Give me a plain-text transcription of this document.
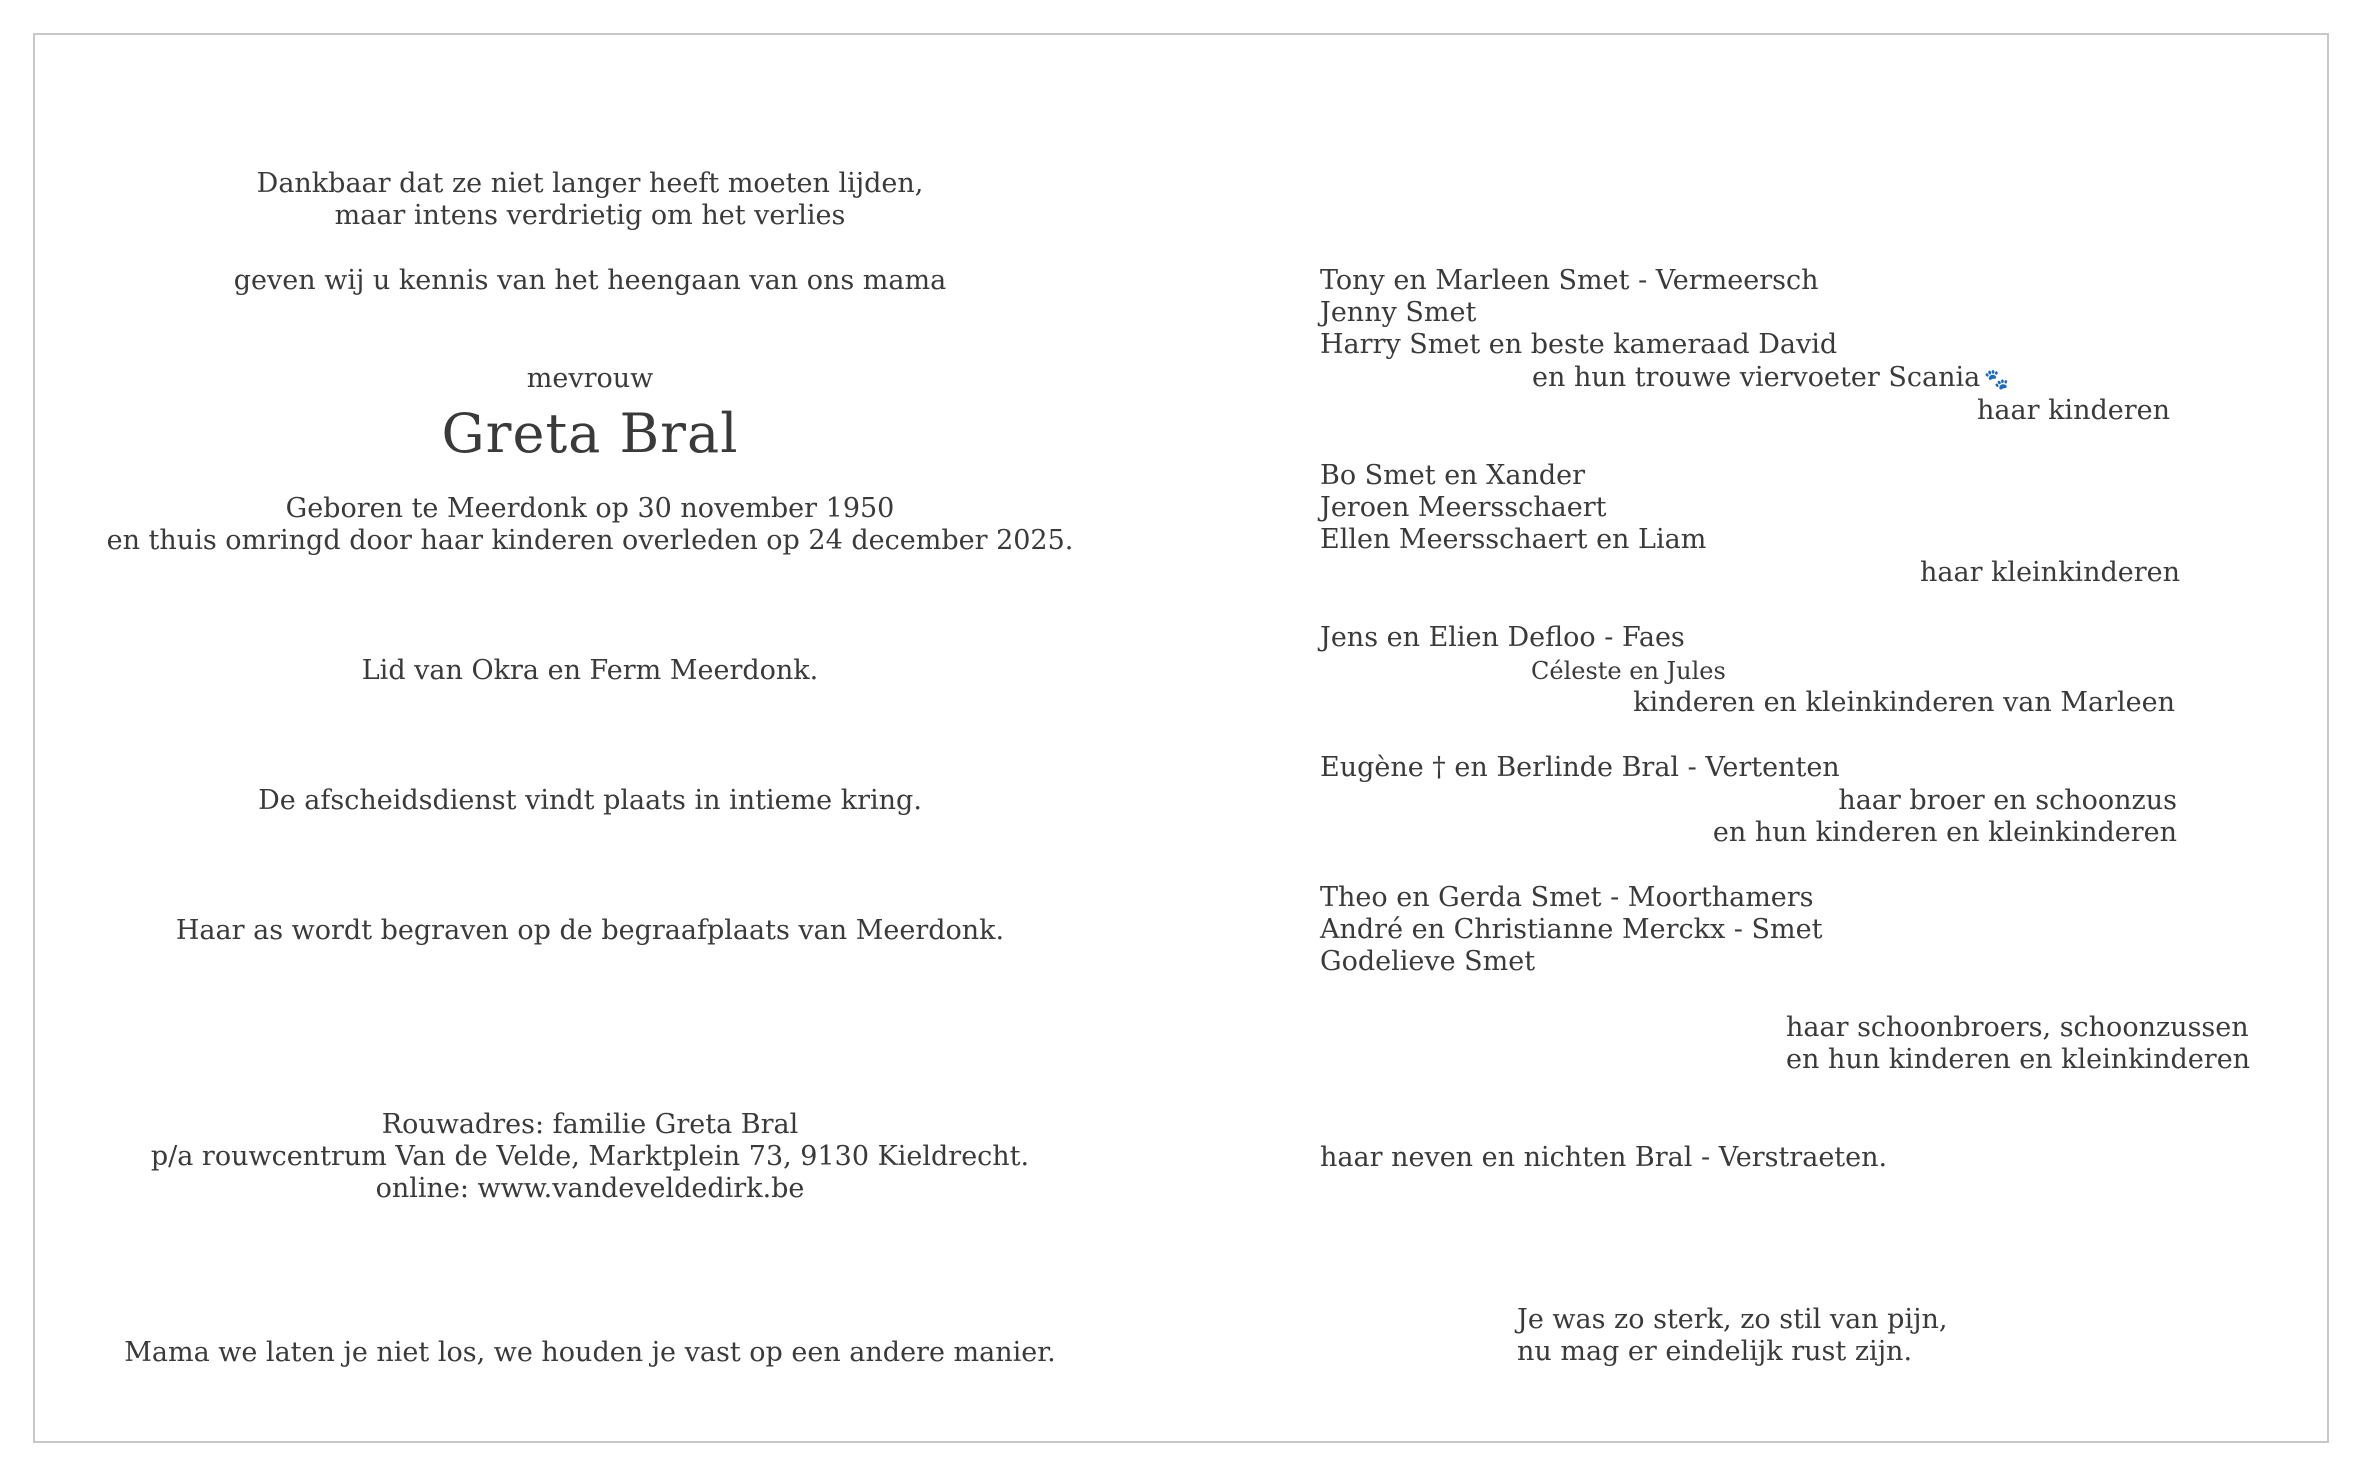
Dankbaar dat ze niet langer heeft moeten lijden,
maar intens verdrietig om het verlies
geven wij u kennis van het heengaan van ons mama
mevrouw
Greta Bral
Geboren te Meerdonk op 30 november 1950
en thuis omringd door haar kinderen overleden op 24 december 2025.
Lid van Okra en Ferm Meerdonk.
De afscheidsdienst vindt plaats in intieme kring.
Haar as wordt begraven op de begraafplaats van Meerdonk.
Rouwadres: familie Greta Bral
p/a rouwcentrum Van de Velde, Marktplein 73, 9130 Kieldrecht.
online: www.vandeveldedirk.be
Mama we laten je niet los, we houden je vast op een andere manier.
Tony en Marleen Smet - Vermeersch
Jenny Smet
Harry Smet en beste kameraad David
en hun trouwe viervoeter Scania 🐾
haar kinderen
Bo Smet en Xander
Jeroen Meersschaert
Ellen Meersschaert en Liam
haar kleinkinderen
Jens en Elien Defloo - Faes
Céleste en Jules
kinderen en kleinkinderen van Marleen
Eugène † en Berlinde Bral - Vertenten
haar broer en schoonzus
en hun kinderen en kleinkinderen
Theo en Gerda Smet - Moorthamers
André en Christianne Merckx - Smet
Godelieve Smet
haar schoonbroers, schoonzussen
en hun kinderen en kleinkinderen
haar neven en nichten Bral - Verstraeten.
Je was zo sterk, zo stil van pijn,
nu mag er eindelijk rust zijn.
